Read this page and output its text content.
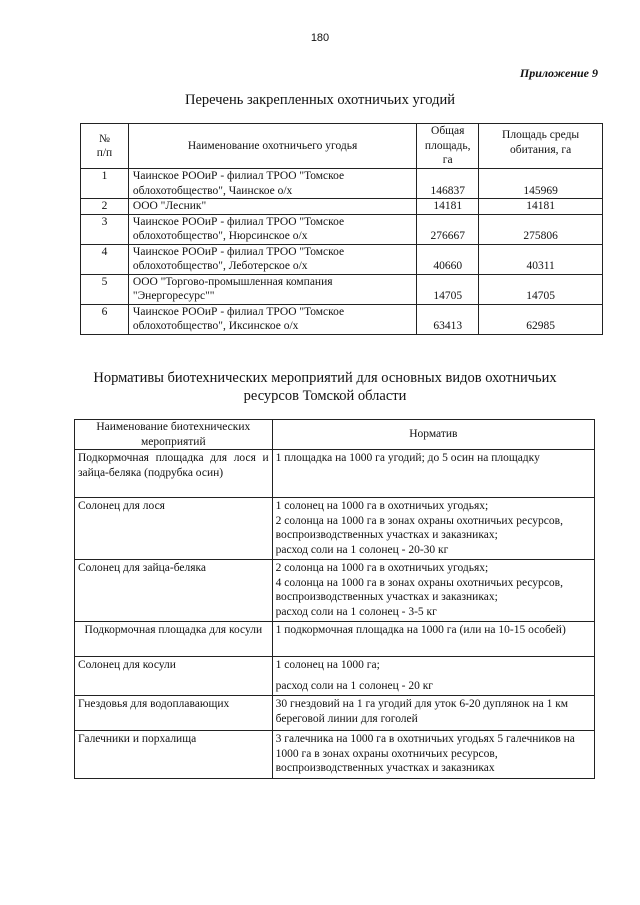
180
Приложение 9
Перечень закрепленных охотничьих угодий
№
п/п	Наименование охотничьего угодья	Общая
площадь,
га	Площадь среды
обитания, га
1	Чаинское РООиР - филиал ТРОО "Томское
облохотобщество", Чаинское о/х	146837	145969
2	ООО "Лесник"	14181	14181
3	Чаинское РООиР - филиал ТРОО "Томское
облохотобщество", Нюрсинское о/х	276667	275806
4	Чаинское РООиР - филиал ТРОО "Томское
облохотобщество", Леботерское о/х	40660	40311
5	ООО "Торгово-промышленная компания
"Энергоресурс""	14705	14705
6	Чаинское РООиР - филиал ТРОО "Томское
облохотобщество", Иксинское о/х	63413	62985
Нормативы биотехнических мероприятий для основных видов охотничьих
ресурсов Томской области
Наименование биотехнических
мероприятий	Норматив
Подкормочная площадка для лося и зайца-беляка (подрубка осин)	1 площадка на 1000 га угодий; до 5 осин на площадку
Солонец для лося	1 солонец на 1000 га в охотничьих угодьях;
2 солонца на 1000 га в зонах охраны охотничьих ресурсов, воспроизводственных участках и заказниках;
расход соли на 1 солонец - 20-30 кг
Солонец для зайца-беляка	2 солонца на 1000 га в охотничьих угодьях;
4 солонца на 1000 га в зонах охраны охотничьих ресурсов, воспроизводственных участках и заказниках;
расход соли на 1 солонец - 3-5 кг
Подкормочная площадка для косули	1 подкормочная площадка на 1000 га (или на 10-15 особей)
Солонец для косули	1 солонец на 1000 га;
расход соли на 1 солонец - 20 кг
Гнездовья для водоплавающих	30 гнездовий на 1 га угодий для уток 6-20 дуплянок на 1 км береговой линии для гоголей
Галечники и порхалища	3 галечника на 1000 га в охотничьих угодьях 5 галечников на 1000 га в зонах охраны охотничьих ресурсов, воспроизводственных участках и заказниках
